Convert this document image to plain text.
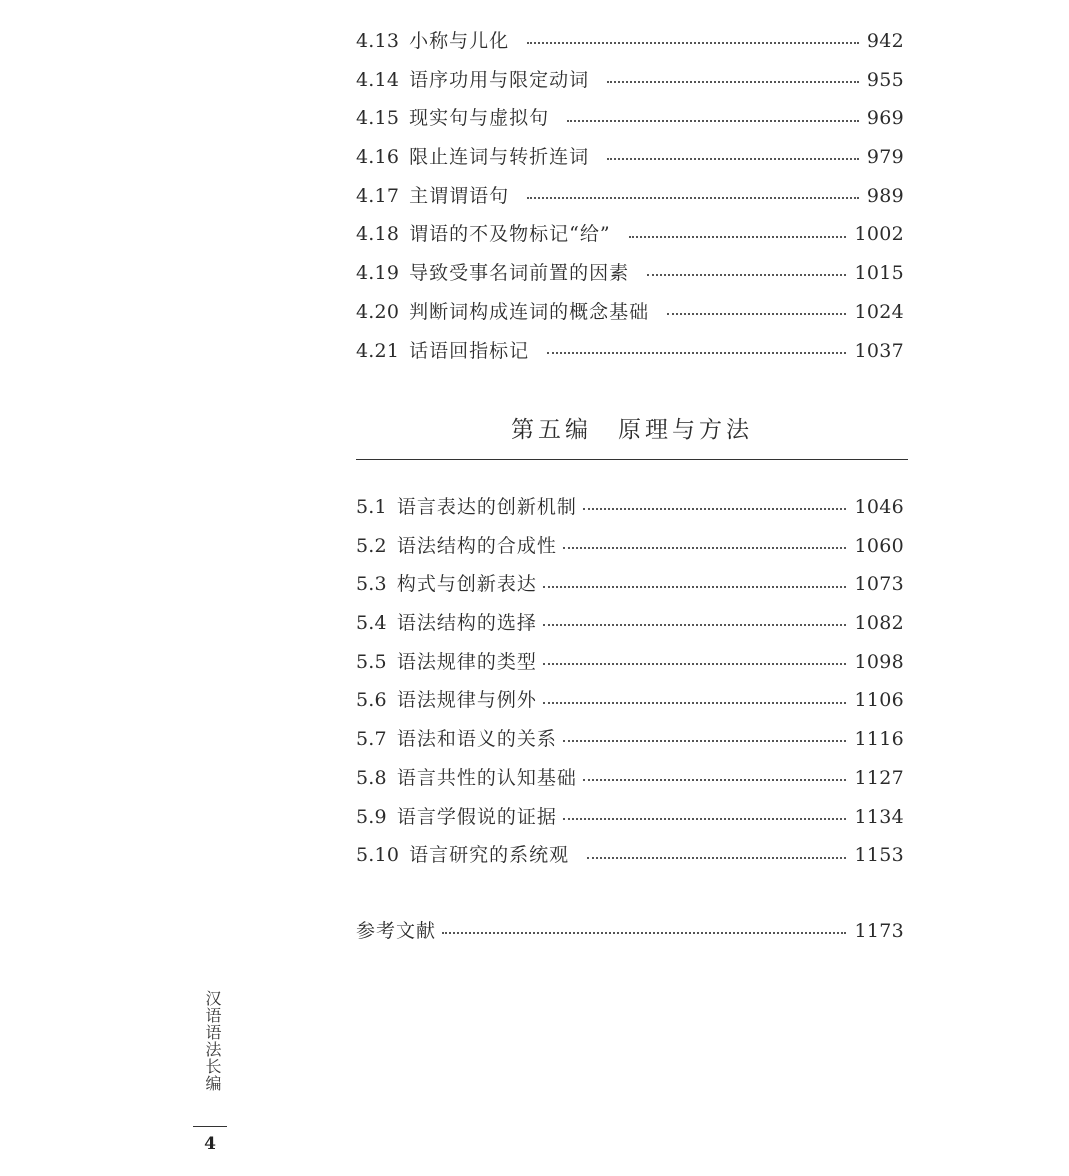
4.13 小称与儿化	942
4.14 语序功用与限定动词	955
4.15 现实句与虚拟句	969
4.16 限止连词与转折连词	979
4.17 主谓谓语句	989
4.18 谓语的不及物标记“给”	1002
4.19 导致受事名词前置的因素	1015
4.20 判断词构成连词的概念基础	1024
4.21 话语回指标记	1037
第五编 原理与方法
5.1 语言表达的创新机制	1046
5.2 语法结构的合成性	1060
5.3 构式与创新表达	1073
5.4 语法结构的选择	1082
5.5 语法规律的类型	1098
5.6 语法规律与例外	1106
5.7 语法和语义的关系	1116
5.8 语言共性的认知基础	1127
5.9 语言学假说的证据	1134
5.10 语言研究的系统观	1153
参考文献	1173
汉语语法长编
4
